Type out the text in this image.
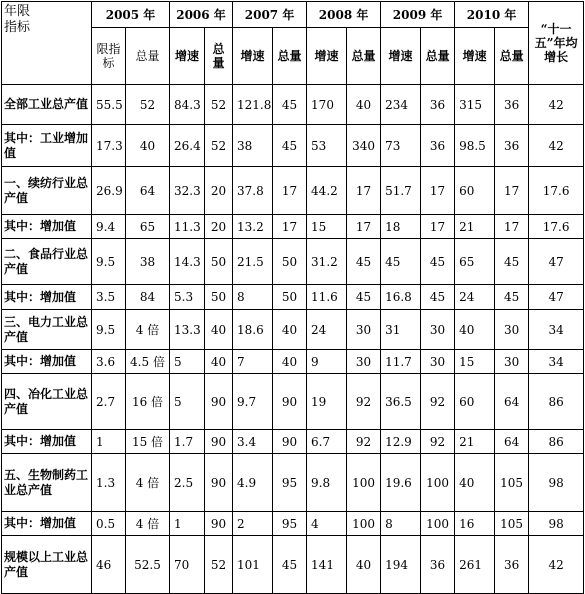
年限
指标	2005 年		2006 年		2007 年		2008 年		2009 年		2010 年		“十一五”年均增长
	限指标	总量	增速	总量	增速	总量	增速	总量	增速	总量	增速	总量	
全部工业总产值	55.5	52	84.3	52	121.8	45	170	40	234	36	315	36	42
其中：工业增加值	17.3	40	26.4	52	38	45	53	340	73	36	98.5	36	42
一、续纺行业总产值	26.9	64	32.3	20	37.8	17	44.2	17	51.7	17	60	17	17.6
其中：增加值	9.4	65	11.3	20	13.2	17	15	17	18	17	21	17	17.6
二、食品行业总产值	9.5	38	14.3	50	21.5	50	31.2	45	45	45	65	45	47
其中：增加值	3.5	84	5.3	50	8	50	11.6	45	16.8	45	24	45	47
三、电力工业总产值	9.5	4 倍	13.3	40	18.6	40	24	30	31	30	40	30	34
其中：增加值	3.6	4.5 倍	5	40	7	40	9	30	11.7	30	15	30	34
四、冶化工业总产值	2.7	16 倍	5	90	9.7	90	19	92	36.5	92	60	64	86
其中：增加值	1	15 倍	1.7	90	3.4	90	6.7	92	12.9	92	21	64	86
五、生物制药工业总产值	1.3	4 倍	2.5	90	4.9	95	9.8	100	19.6	100	40	105	98
其中：增加值	0.5	4 倍	1	90	2	95	4	100	8	100	16	105	98
规模以上工业总产值	46	52.5	70	52	101	45	141	40	194	36	261	36	42
